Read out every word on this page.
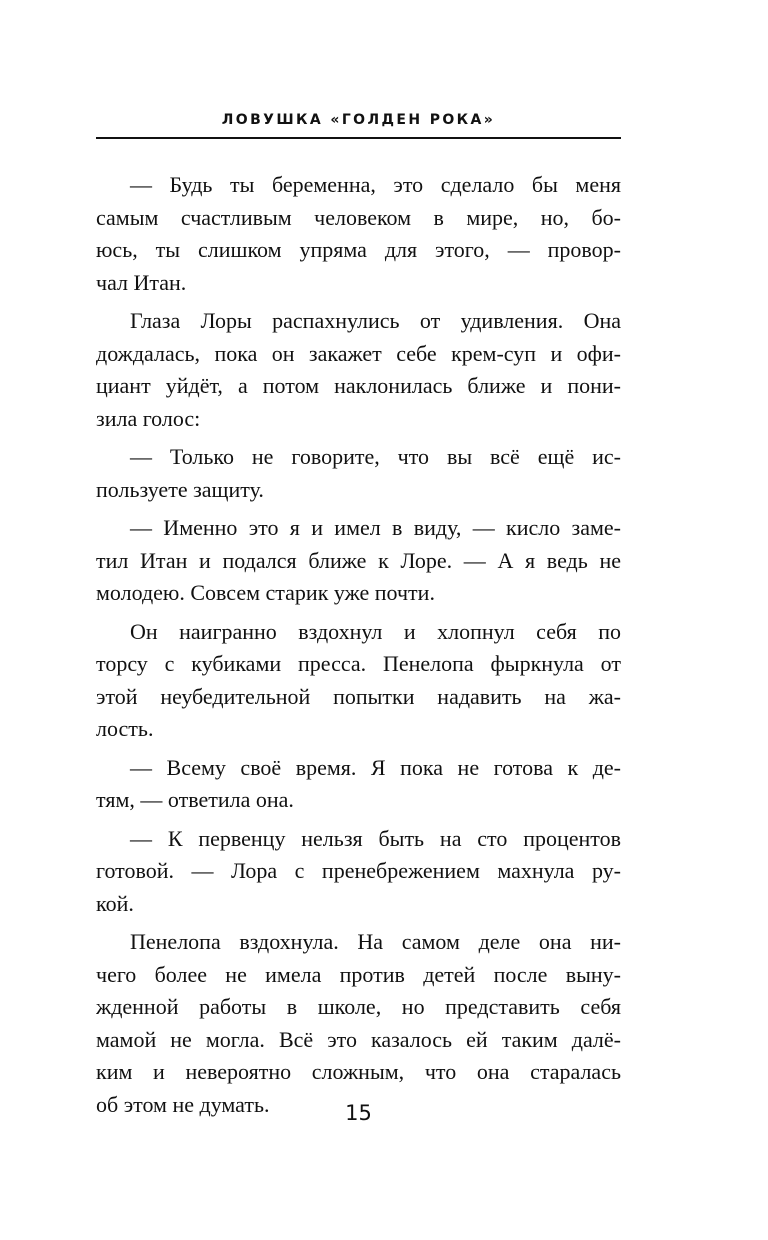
ЛОВУШКА «ГОЛДЕН РОКА»
— Будь ты беременна, это сделало бы меня
самым счастливым человеком в мире, но, бо-
юсь, ты слишком упряма для этого, — провор-
чал Итан.
Глаза Лоры распахнулись от удивления. Она
дождалась, пока он закажет себе крем-суп и офи-
циант уйдёт, а потом наклонилась ближе и пони-
зила голос:
— Только не говорите, что вы всё ещё ис-
пользуете защиту.
— Именно это я и имел в виду, — кисло заме-
тил Итан и подался ближе к Лоре. — А я ведь не
молодею. Совсем старик уже почти.
Он наигранно вздохнул и хлопнул себя по
торсу с кубиками пресса. Пенелопа фыркнула от
этой неубедительной попытки надавить на жа-
лость.
— Всему своё время. Я пока не готова к де-
тям, — ответила она.
— К первенцу нельзя быть на сто процентов
готовой. — Лора с пренебрежением махнула ру-
кой.
Пенелопа вздохнула. На самом деле она ни-
чего более не имела против детей после выну-
жденной работы в школе, но представить себя
мамой не могла. Всё это казалось ей таким далё-
ким и невероятно сложным, что она старалась
об этом не думать.	15
